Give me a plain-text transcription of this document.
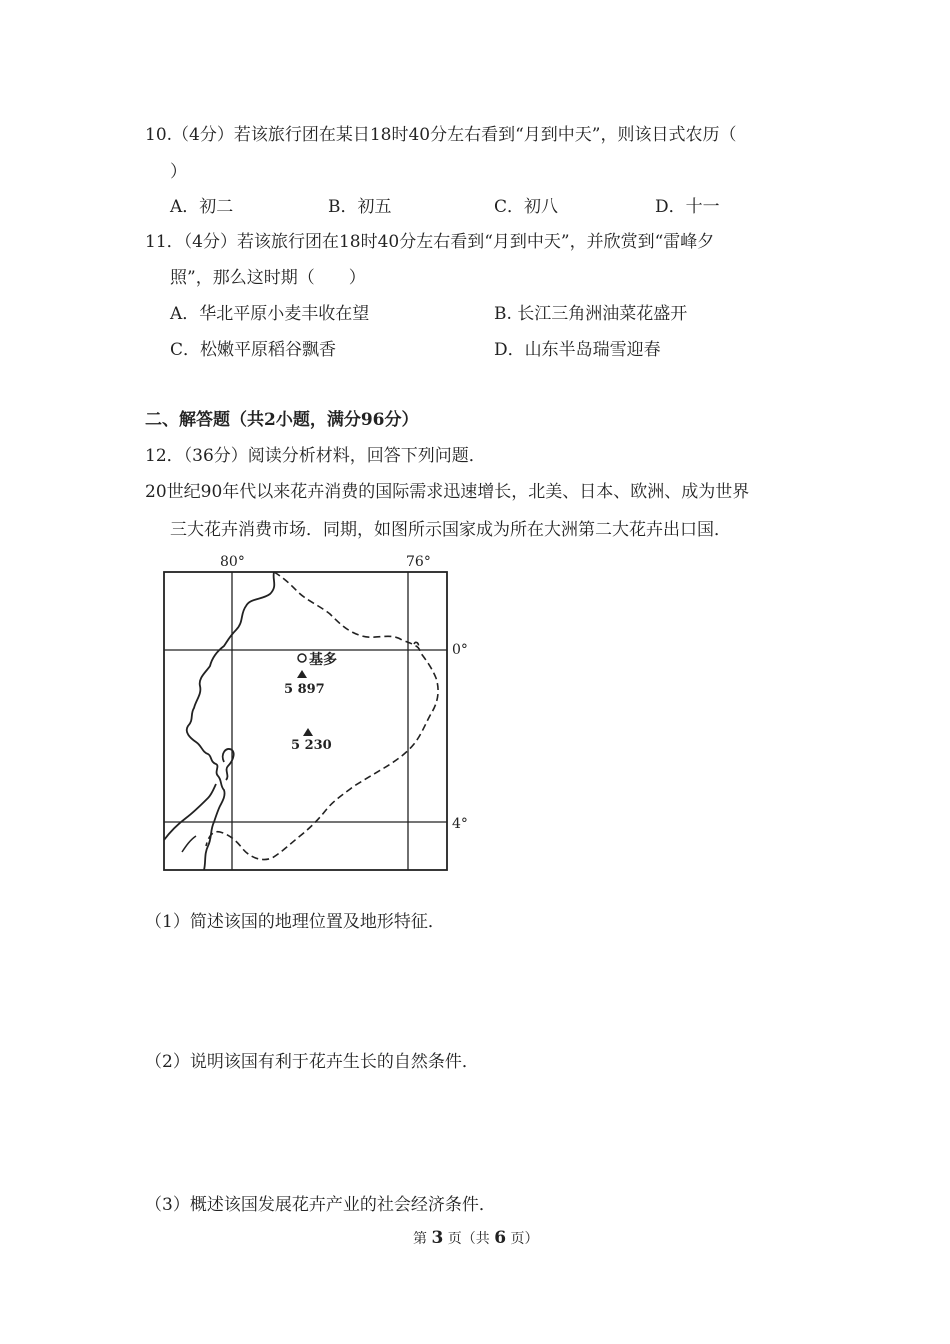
10.（4分）若该旅行团在某日18时40分左右看到“月到中天”，则该日式农历（
）
A．初二	B．初五	C．初八	D．十一
11．（4分）若该旅行团在18时40分左右看到“月到中天”，并欣赏到“雷峰夕
照”，那么这时期（　　）
A．华北平原小麦丰收在望	B. 长江三角洲油菜花盛开
C．松嫩平原稻谷飘香	D．山东半岛瑞雪迎春
二、解答题（共2小题，满分96分）
12．（36分）阅读分析材料，回答下列问题．
20世纪90年代以来花卉消费的国际需求迅速增长，北美、日本、欧洲、成为世界
三大花卉消费市场．同期，如图所示国家成为所在大洲第二大花卉出口国．
80°	76°
0°
4°
基多
5 897
5 230
（1）简述该国的地理位置及地形特征．
（2）说明该国有利于花卉生长的自然条件．
（3）概述该国发展花卉产业的社会经济条件．
第 3 页（共 6 页）
